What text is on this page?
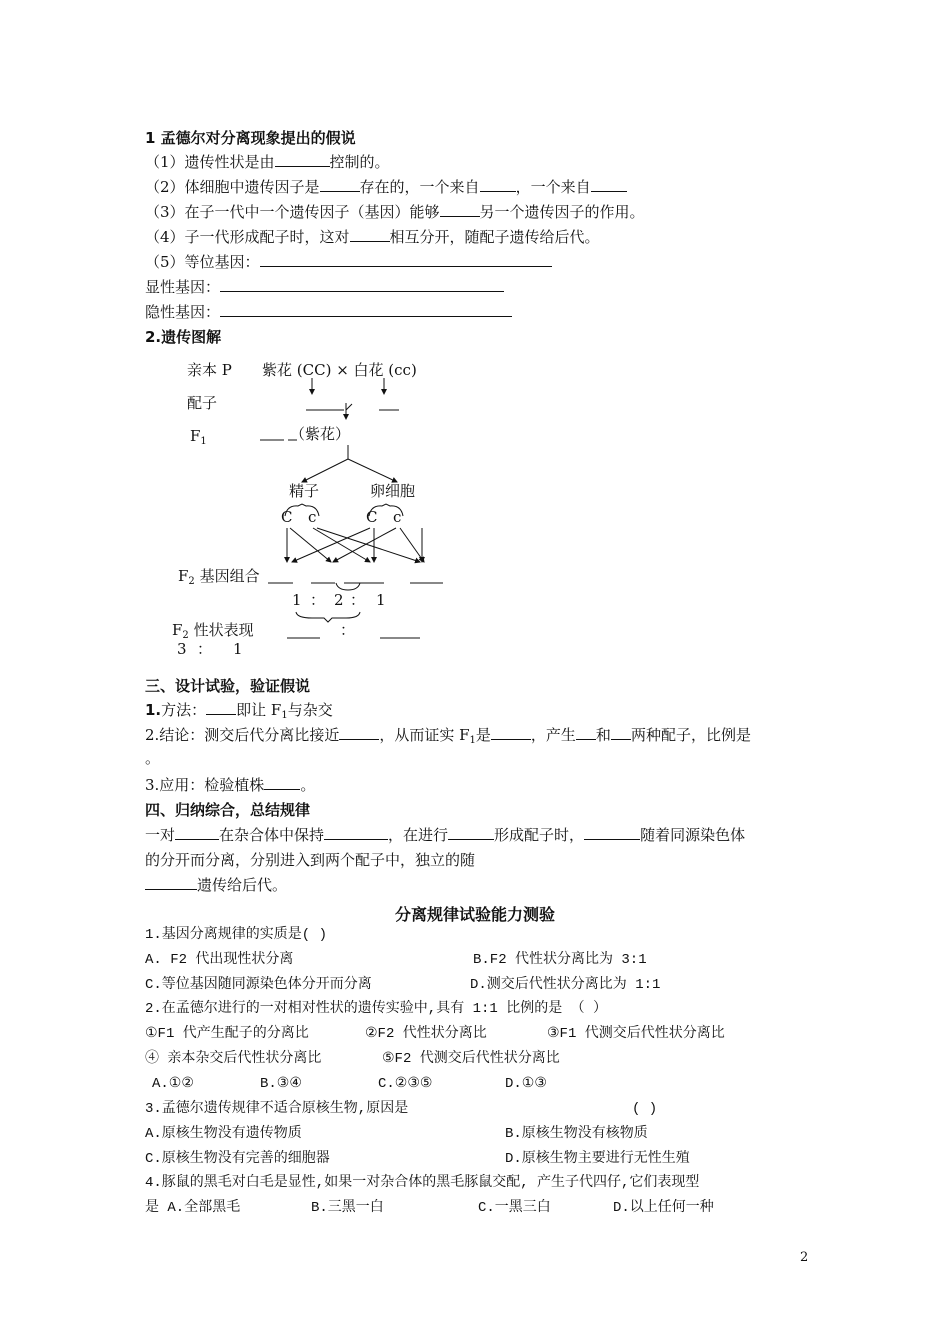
1 孟德尔对分离现象提出的假说
（1）遗传性状是由	控制的。
（2）体细胞中遗传因子是	存在的，一个来自 ，一个来自
（3）在子一代中一个遗传因子（基因）能够	另一个遗传因子的作用。
（4）子一代形成配子时，这对	相互分开，随配子遗传给后代。
（5）等位基因：
显性基因：
隐性基因：
2.遗传图解
亲本 P 紫花 (CC) × 白花 (cc)
配子
$F_1$	（紫花）
精子	卵细胞
C c	C c
$F_2$ 基因组合
1 ： 2 ： 1
$F_2$ 性状表现	：
3 ： 1
三、设计试验，验证假说
1.方法： 即让 $F_1$与杂交
2.结论：测交后代分离比接近	，从而证实 $F_1$是	，产生 和 两种配子，比例是
。
3.应用：检验植株 。
四、归纳综合，总结规律
一对	在杂合体中保持	，在进行	形成配子时，	随着同源染色体
的分开而分离，分别进入到两个配子中，独立的随
遗传给后代。
分离规律试验能力测验
1.基因分离规律的实质是( )
A. F2 代出现性状分离	B.F2 代性状分离比为 3:1
C.等位基因随同源染色体分开而分离	D.测交后代性状分离比为 1:1
2.在孟德尔进行的一对相对性状的遗传实验中,具有 1:1 比例的是 （ ）
①F1 代产生配子的分离比	②F2 代性状分离比	③F1 代测交后代性状分离比
④ 亲本杂交后代性状分离比	⑤F2 代测交后代性状分离比
A.①②	B.③④	C.②③⑤	D.①③
3.孟德尔遗传规律不适合原核生物,原因是	( )
A.原核生物没有遗传物质	B.原核生物没有核物质
C.原核生物没有完善的细胞器	D.原核生物主要进行无性生殖
4.豚鼠的黑毛对白毛是显性,如果一对杂合体的黑毛豚鼠交配, 产生子代四仔,它们表现型
是 A.全部黑毛	B.三黑一白	C.一黑三白	D.以上任何一种
2
